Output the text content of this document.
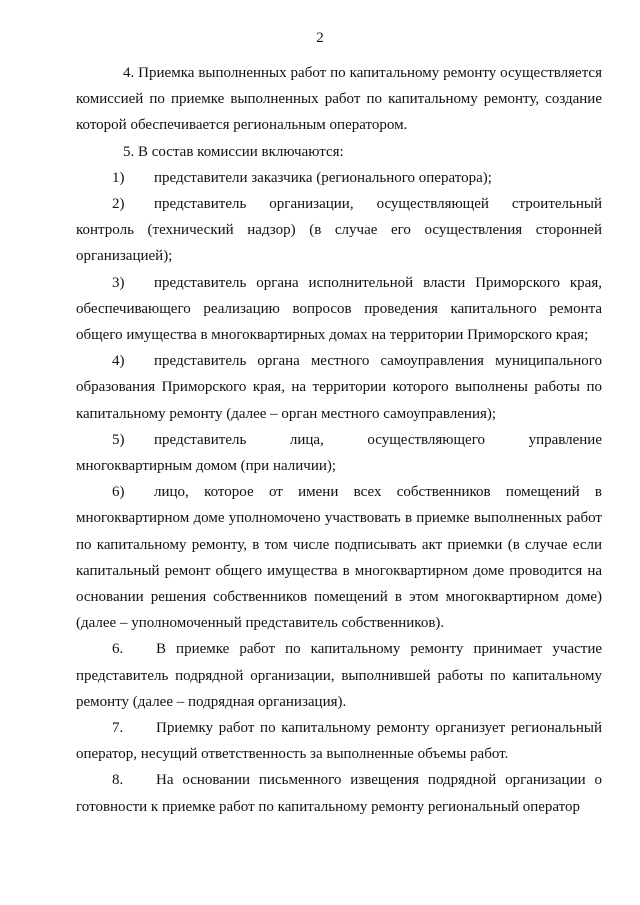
2

4. Приемка выполненных работ по капитальному ремонту осуществляется комиссией по приемке выполненных работ по капитальному ремонту, создание которой обеспечивается региональным оператором.

5. В состав комиссии включаются:

1) представители заказчика (регионального оператора);

2) представитель организации, осуществляющей строительный контроль (технический надзор) (в случае его осуществления сторонней организацией);

3) представитель органа исполнительной власти Приморского края, обеспечивающего реализацию вопросов проведения капитального ремонта общего имущества в многоквартирных домах на территории Приморского края;

4) представитель органа местного самоуправления муниципального образования Приморского края, на территории которого выполнены работы по капитальному ремонту (далее – орган местного самоуправления);

5) представитель лица, осуществляющего управление многоквартирным домом (при наличии);

6) лицо, которое от имени всех собственников помещений в многоквартирном доме уполномочено участвовать в приемке выполненных работ по капитальному ремонту, в том числе подписывать акт приемки (в случае если капитальный ремонт общего имущества в многоквартирном доме проводится на основании решения собственников помещений в этом многоквартирном доме) (далее – уполномоченный представитель собственников).

6. В приемке работ по капитальному ремонту принимает участие представитель подрядной организации, выполнившей работы по капитальному ремонту (далее – подрядная организация).

7. Приемку работ по капитальному ремонту организует региональный оператор, несущий ответственность за выполненные объемы работ.

8. На основании письменного извещения подрядной организации о готовности к приемке работ по капитальному ремонту региональный оператор
